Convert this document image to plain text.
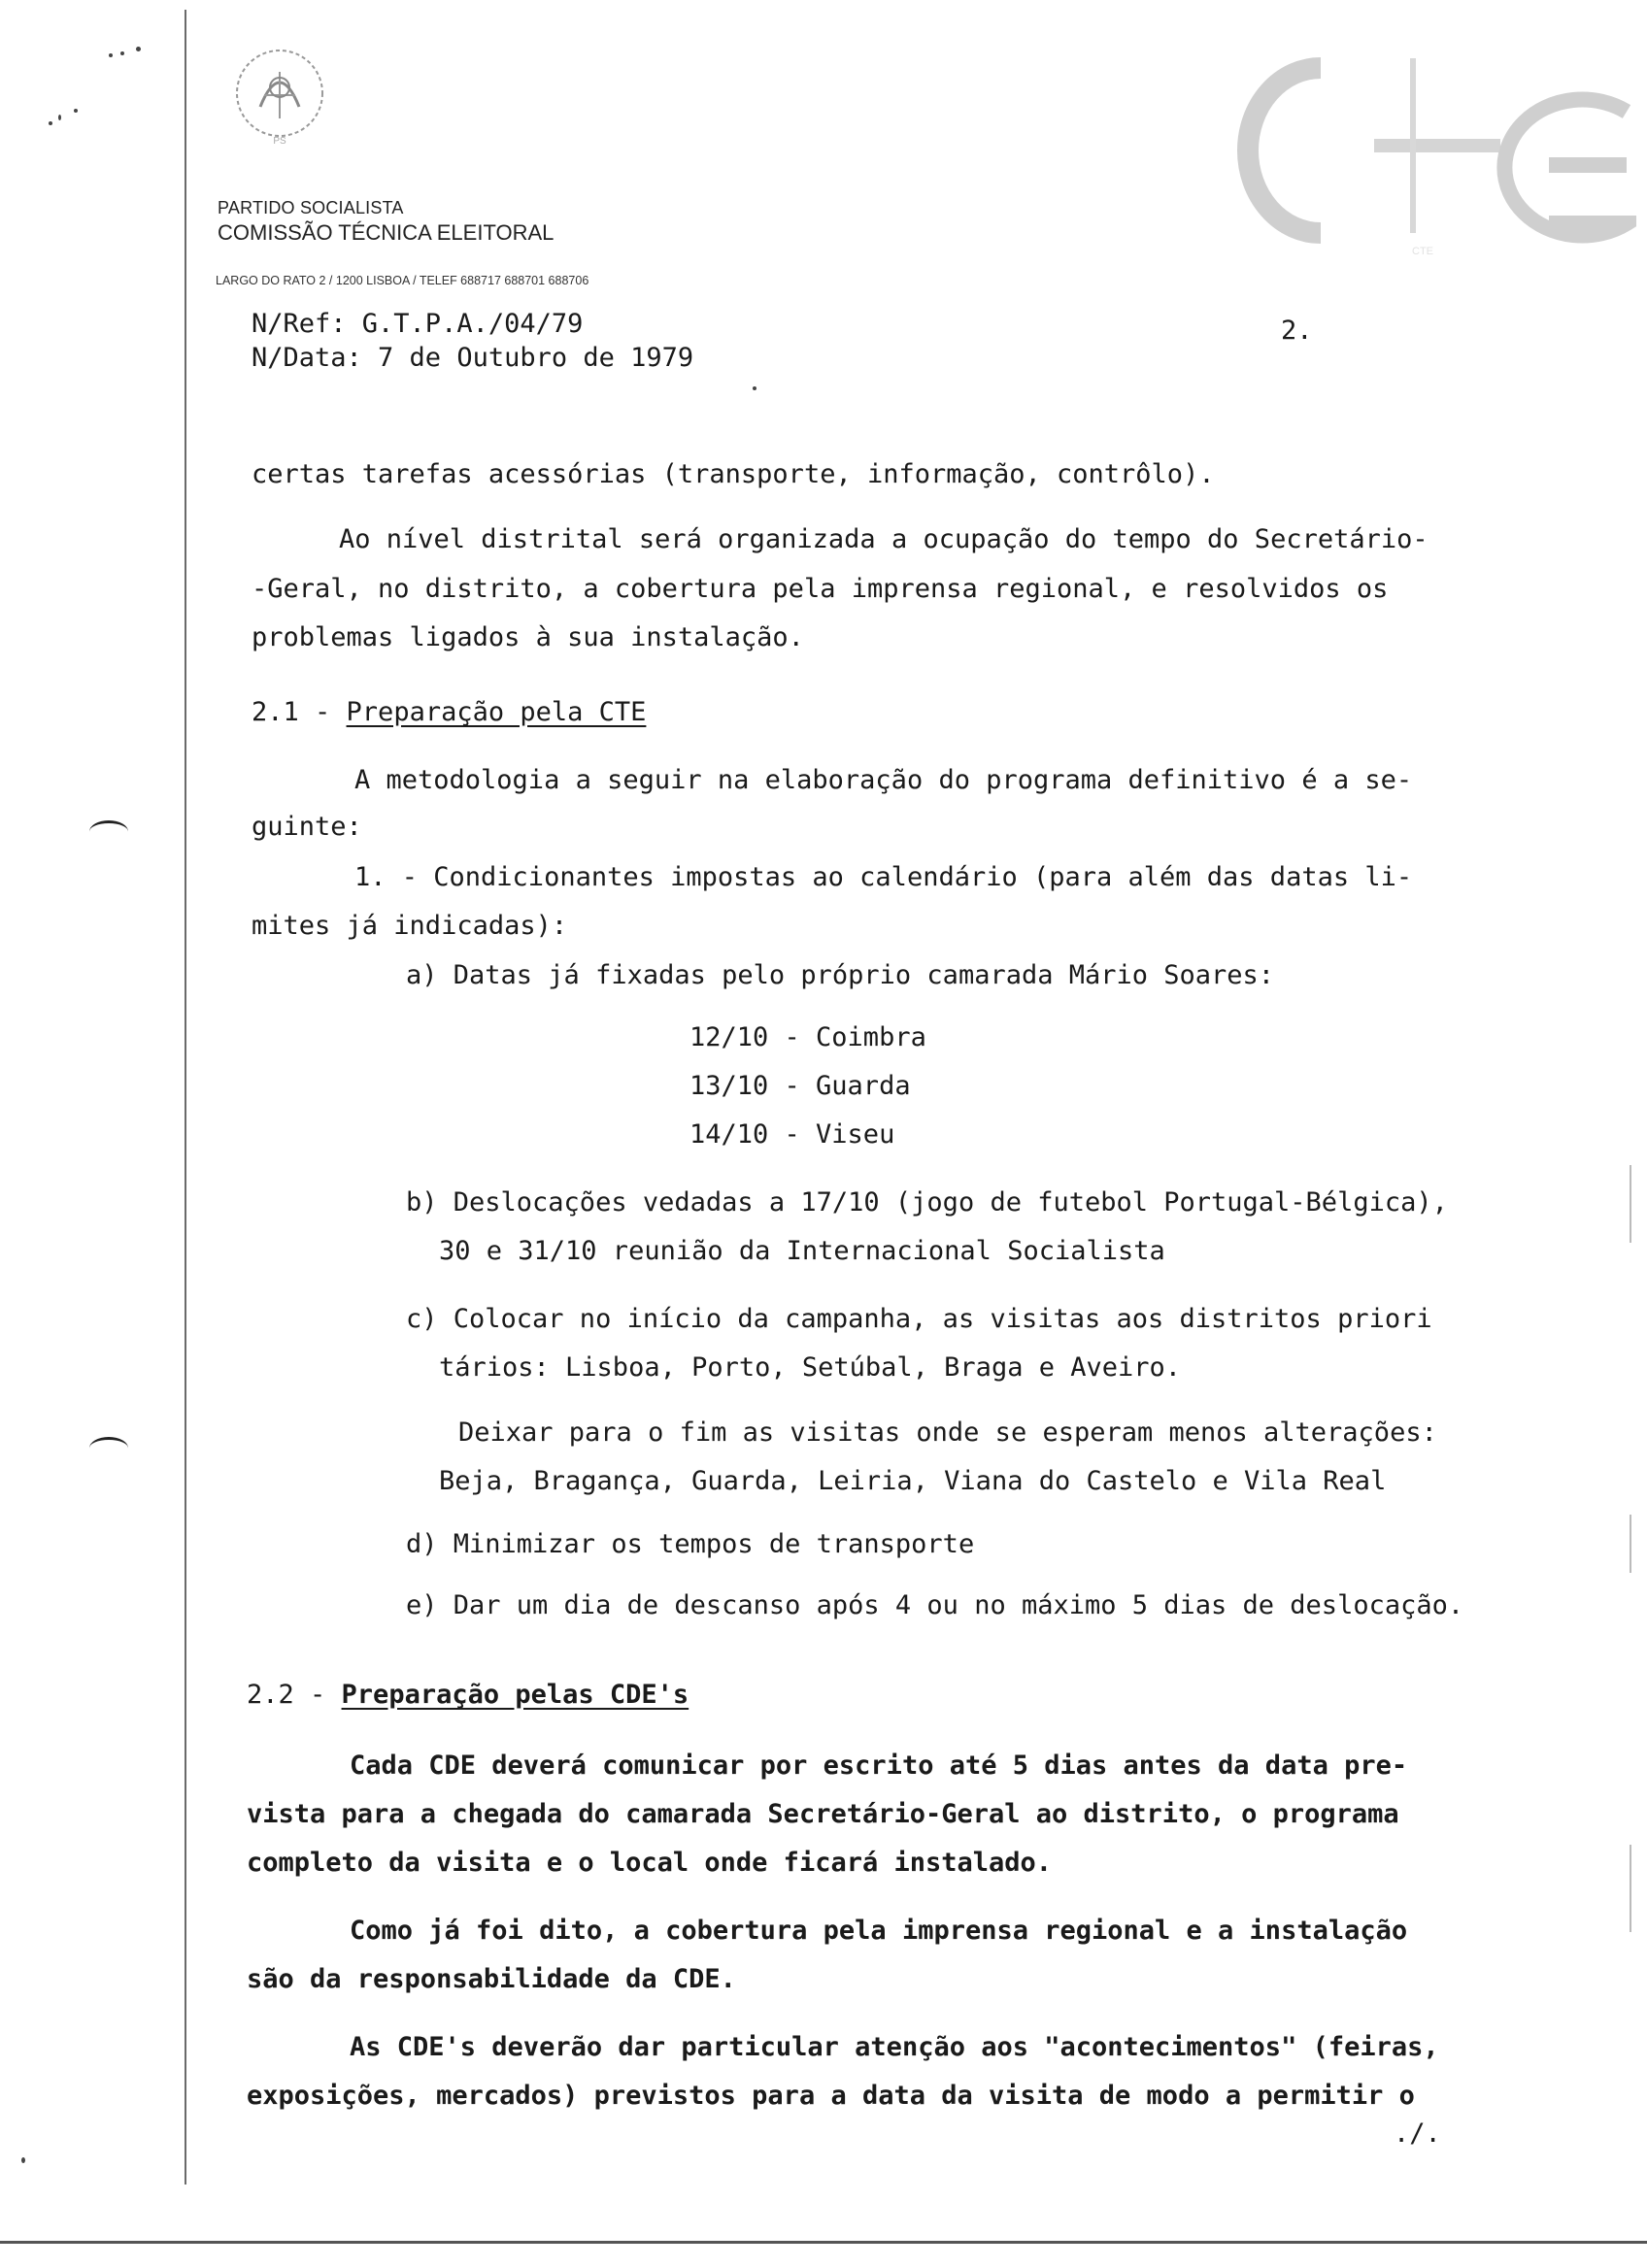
PS
CTE
PARTIDO SOCIALISTA
COMISSÃO TÉCNICA ELEITORAL
LARGO DO RATO 2 / 1200 LISBOA / TELEF 688717 688701 688706
N/Ref: G.T.P.A./04/79
N/Data: 7 de Outubro de 1979
2.
certas tarefas acessórias (transporte, informação, contrôlo).
Ao nível distrital será organizada a ocupação do tempo do Secretário-
-Geral, no distrito, a cobertura pela imprensa regional, e resolvidos os
problemas ligados à sua instalação.
2.1 - Preparação pela CTE
A metodologia a seguir na elaboração do programa definitivo é a se-
guinte:
1. - Condicionantes impostas ao calendário (para além das datas li-
mites já indicadas):
a) Datas já fixadas pelo próprio camarada Mário Soares:
12/10 - Coimbra
13/10 - Guarda
14/10 - Viseu
b) Deslocações vedadas a 17/10 (jogo de futebol Portugal-Bélgica),
30 e 31/10 reunião da Internacional Socialista
c) Colocar no início da campanha, as visitas aos distritos priori
tários: Lisboa, Porto, Setúbal, Braga e Aveiro.
Deixar para o fim as visitas onde se esperam menos alterações:
Beja, Bragança, Guarda, Leiria, Viana do Castelo e Vila Real
d) Minimizar os tempos de transporte
e) Dar um dia de descanso após 4 ou no máximo 5 dias de deslocação.
2.2 - Preparação pelas CDE's
Cada CDE deverá comunicar por escrito até 5 dias antes da data pre-
vista para a chegada do camarada Secretário-Geral ao distrito, o programa
completo da visita e o local onde ficará instalado.
Como já foi dito, a cobertura pela imprensa regional e a instalação
são da responsabilidade da CDE.
As CDE's deverão dar particular atenção aos "acontecimentos" (feiras,
exposições, mercados) previstos para a data da visita de modo a permitir o
./.
